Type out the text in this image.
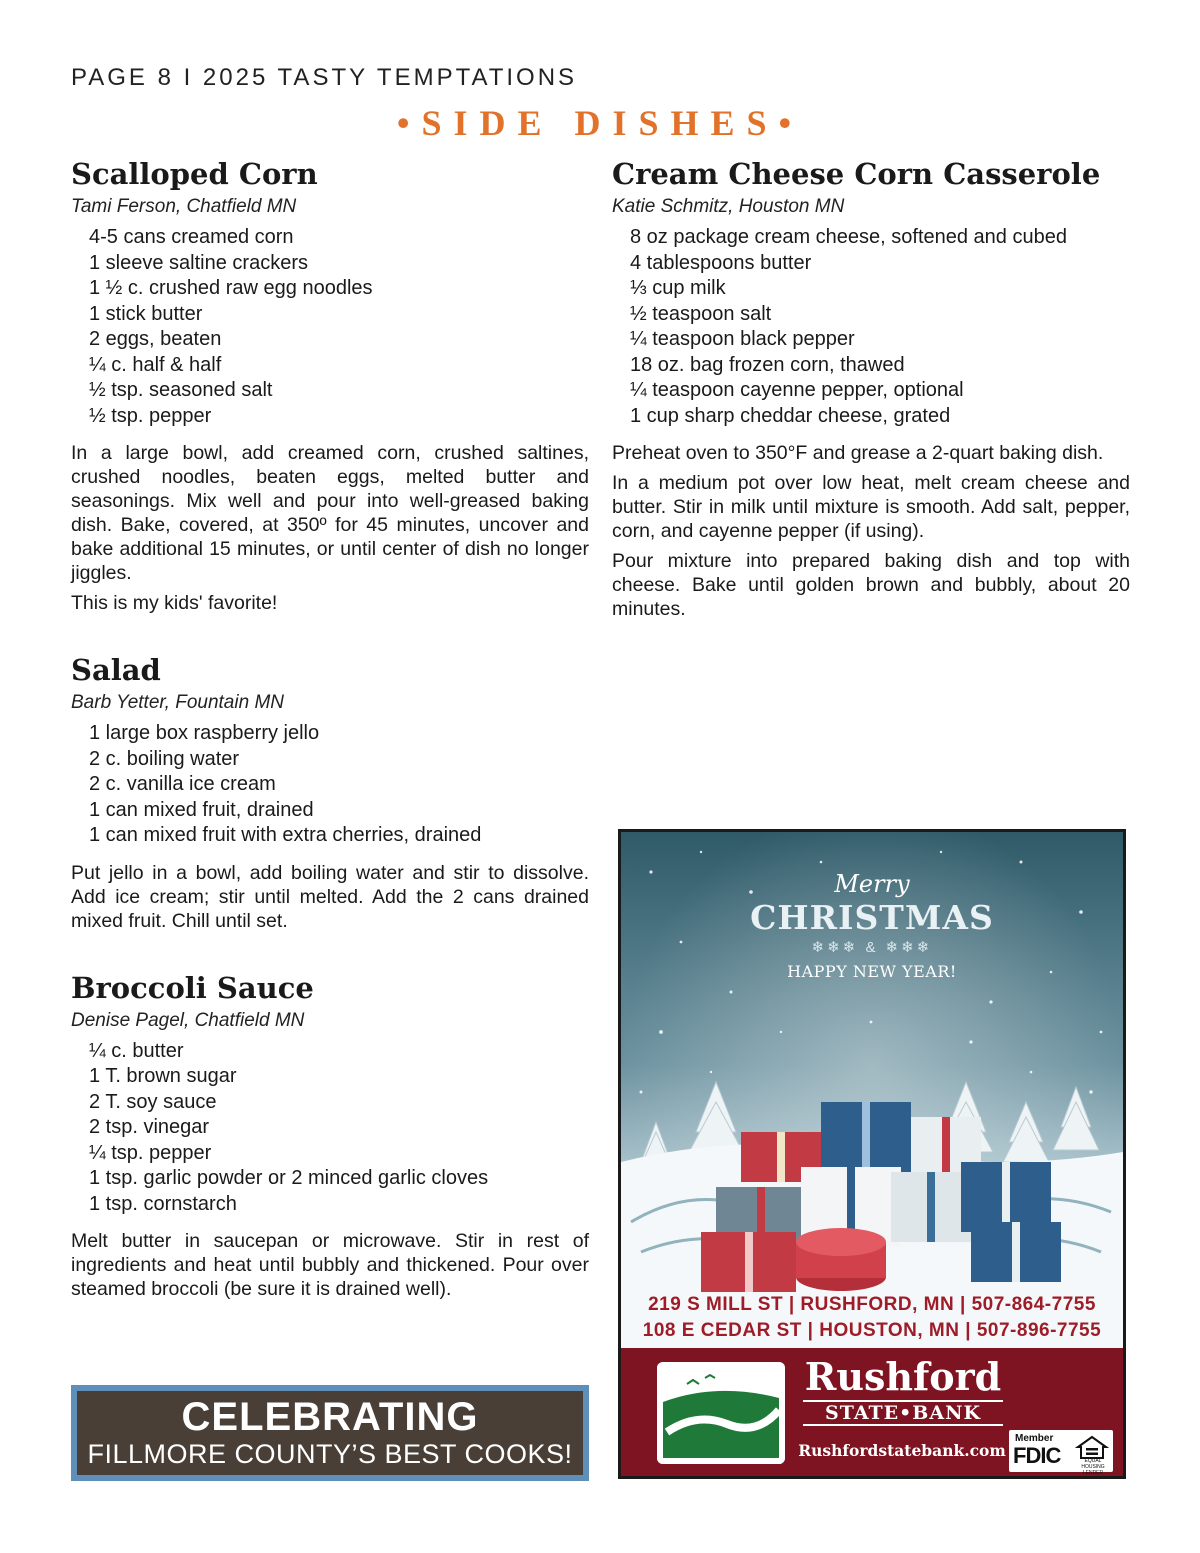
PAGE 8 I 2025 TASTY TEMPTATIONS
•SIDE DISHES•
Scalloped Corn
Tami Ferson, Chatfield MN
4-5 cans creamed corn
1 sleeve saltine crackers
1 ½ c. crushed raw egg noodles
1 stick butter
2 eggs, beaten
¼ c. half & half
½ tsp. seasoned salt
½ tsp. pepper

In a large bowl, add creamed corn, crushed saltines, crushed noodles, beaten eggs, melted butter and seasonings. Mix well and pour into well-greased baking dish. Bake, covered, at 350º for 45 minutes, uncover and bake additional 15 minutes, or until center of dish no longer jiggles.

This is my kids' favorite!

Salad
Barb Yetter, Fountain MN
1 large box raspberry jello
2 c. boiling water
2 c. vanilla ice cream
1 can mixed fruit, drained
1 can mixed fruit with extra cherries, drained

Put jello in a bowl, add boiling water and stir to dissolve. Add ice cream; stir until melted. Add the 2 cans drained mixed fruit. Chill until set.

Broccoli Sauce
Denise Pagel, Chatfield MN
¼ c. butter
1 T. brown sugar
2 T. soy sauce
2 tsp. vinegar
¼ tsp. pepper
1 tsp. garlic powder or 2 minced garlic cloves
1 tsp. cornstarch

Melt butter in saucepan or microwave. Stir in rest of ingredients and heat until bubbly and thickened. Pour over steamed broccoli (be sure it is drained well).

Cream Cheese Corn Casserole
Katie Schmitz, Houston MN
8 oz package cream cheese, softened and cubed
4 tablespoons butter
⅓ cup milk
½ teaspoon salt
¼ teaspoon black pepper
18 oz. bag frozen corn, thawed
¼ teaspoon cayenne pepper, optional
1 cup sharp cheddar cheese, grated

Preheat oven to 350°F and grease a 2-quart baking dish.

In a medium pot over low heat, melt cream cheese and butter. Stir in milk until mixture is smooth. Add salt, pepper, corn, and cayenne pepper (if using).

Pour mixture into prepared baking dish and top with cheese. Bake until golden brown and bubbly, about 20 minutes.

CELEBRATING
FILLMORE COUNTY’S BEST COOKS!
Merry
CHRISTMAS
❄❄❄ & ❄❄❄
HAPPY NEW YEAR!
219 S MILL ST | RUSHFORD, MN | 507-864-7755
108 E CEDAR ST | HOUSTON, MN | 507-896-7755
Rushford
STATE•BANK
Rushfordstatebank.com
Member
FDIC	EQUAL HOUSING LENDER
